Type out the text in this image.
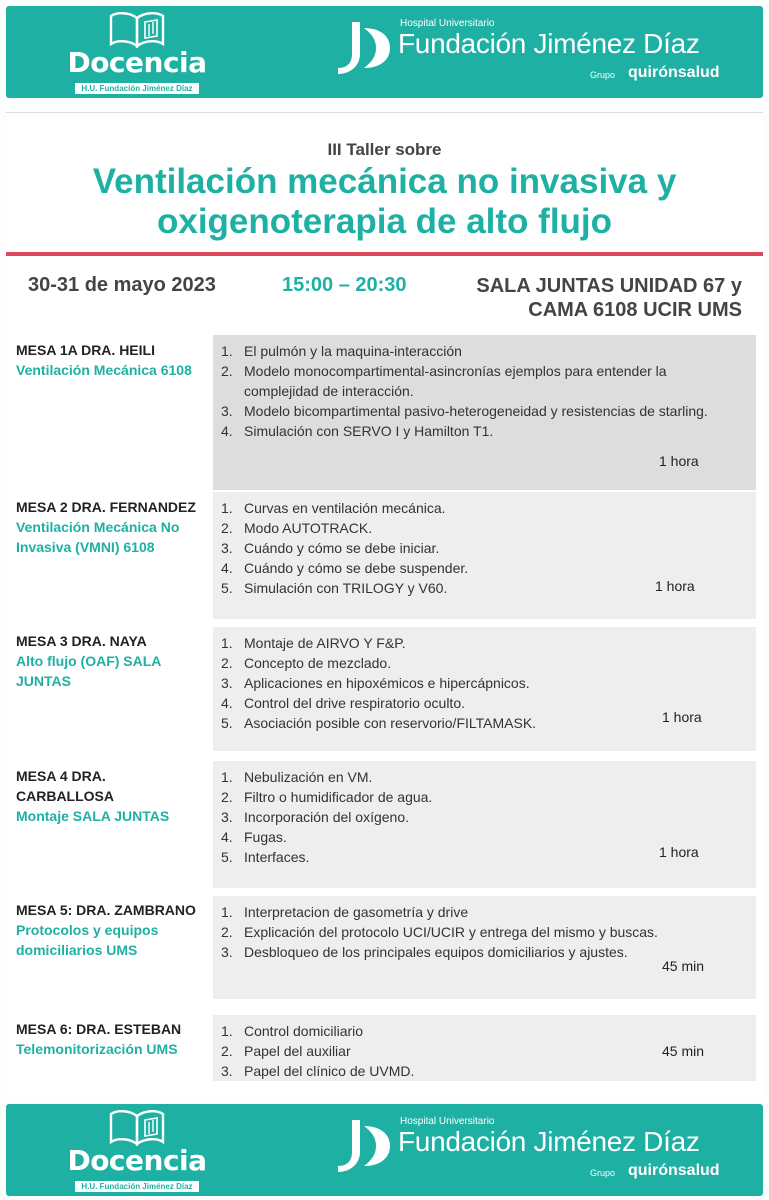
Docencia
H.U. Fundación Jiménez Díaz
Hospital Universitario
Fundación Jiménez Díaz
Grupo quirónsalud
III Taller sobre
Ventilación mecánica no invasiva y
oxigenoterapia de alto flujo
30-31 de mayo 2023	15:00 – 20:30	SALA JUNTAS UNIDAD 67 y
CAMA 6108 UCIR UMS
MESA 1A DRA. HEILI
Ventilación Mecánica 6108
1. El pulmón y la maquina-interacción
2. Modelo monocompartimental-asincronías ejemplos para entender la complejidad de interacción.
3. Modelo bicompartimental pasivo-heterogeneidad y resistencias de starling.
4. Simulación con SERVO I y Hamilton T1.
1 hora
MESA 2 DRA. FERNANDEZ
Ventilación Mecánica No Invasiva (VMNI) 6108
1. Curvas en ventilación mecánica.
2. Modo AUTOTRACK.
3. Cuándo y cómo se debe iniciar.
4. Cuándo y cómo se debe suspender.
5. Simulación con TRILOGY y V60.	1 hora
MESA 3 DRA. NAYA
Alto flujo (OAF) SALA JUNTAS
1. Montaje de AIRVO Y F&P.
2. Concepto de mezclado.
3. Aplicaciones en hipoxémicos e hipercápnicos.
4. Control del drive respiratorio oculto.
5. Asociación posible con reservorio/FILTAMASK.	1 hora
MESA 4 DRA. CARBALLOSA
Montaje SALA JUNTAS
1. Nebulización en VM.
2. Filtro o humidificador de agua.
3. Incorporación del oxígeno.
4. Fugas.
5. Interfaces.	1 hora
MESA 5: DRA. ZAMBRANO
Protocolos y equipos domiciliarios UMS
1. Interpretacion de gasometría y drive
2. Explicación del protocolo UCI/UCIR y entrega del mismo y buscas.
3. Desbloqueo de los principales equipos domiciliarios y ajustes.
45 min
MESA 6: DRA. ESTEBAN
Telemonitorización UMS
1. Control domiciliario
2. Papel del auxiliar
3. Papel del clínico de UVMD.
45 min
Docencia
H.U. Fundación Jiménez Díaz
Hospital Universitario
Fundación Jiménez Díaz
Grupo quirónsalud
